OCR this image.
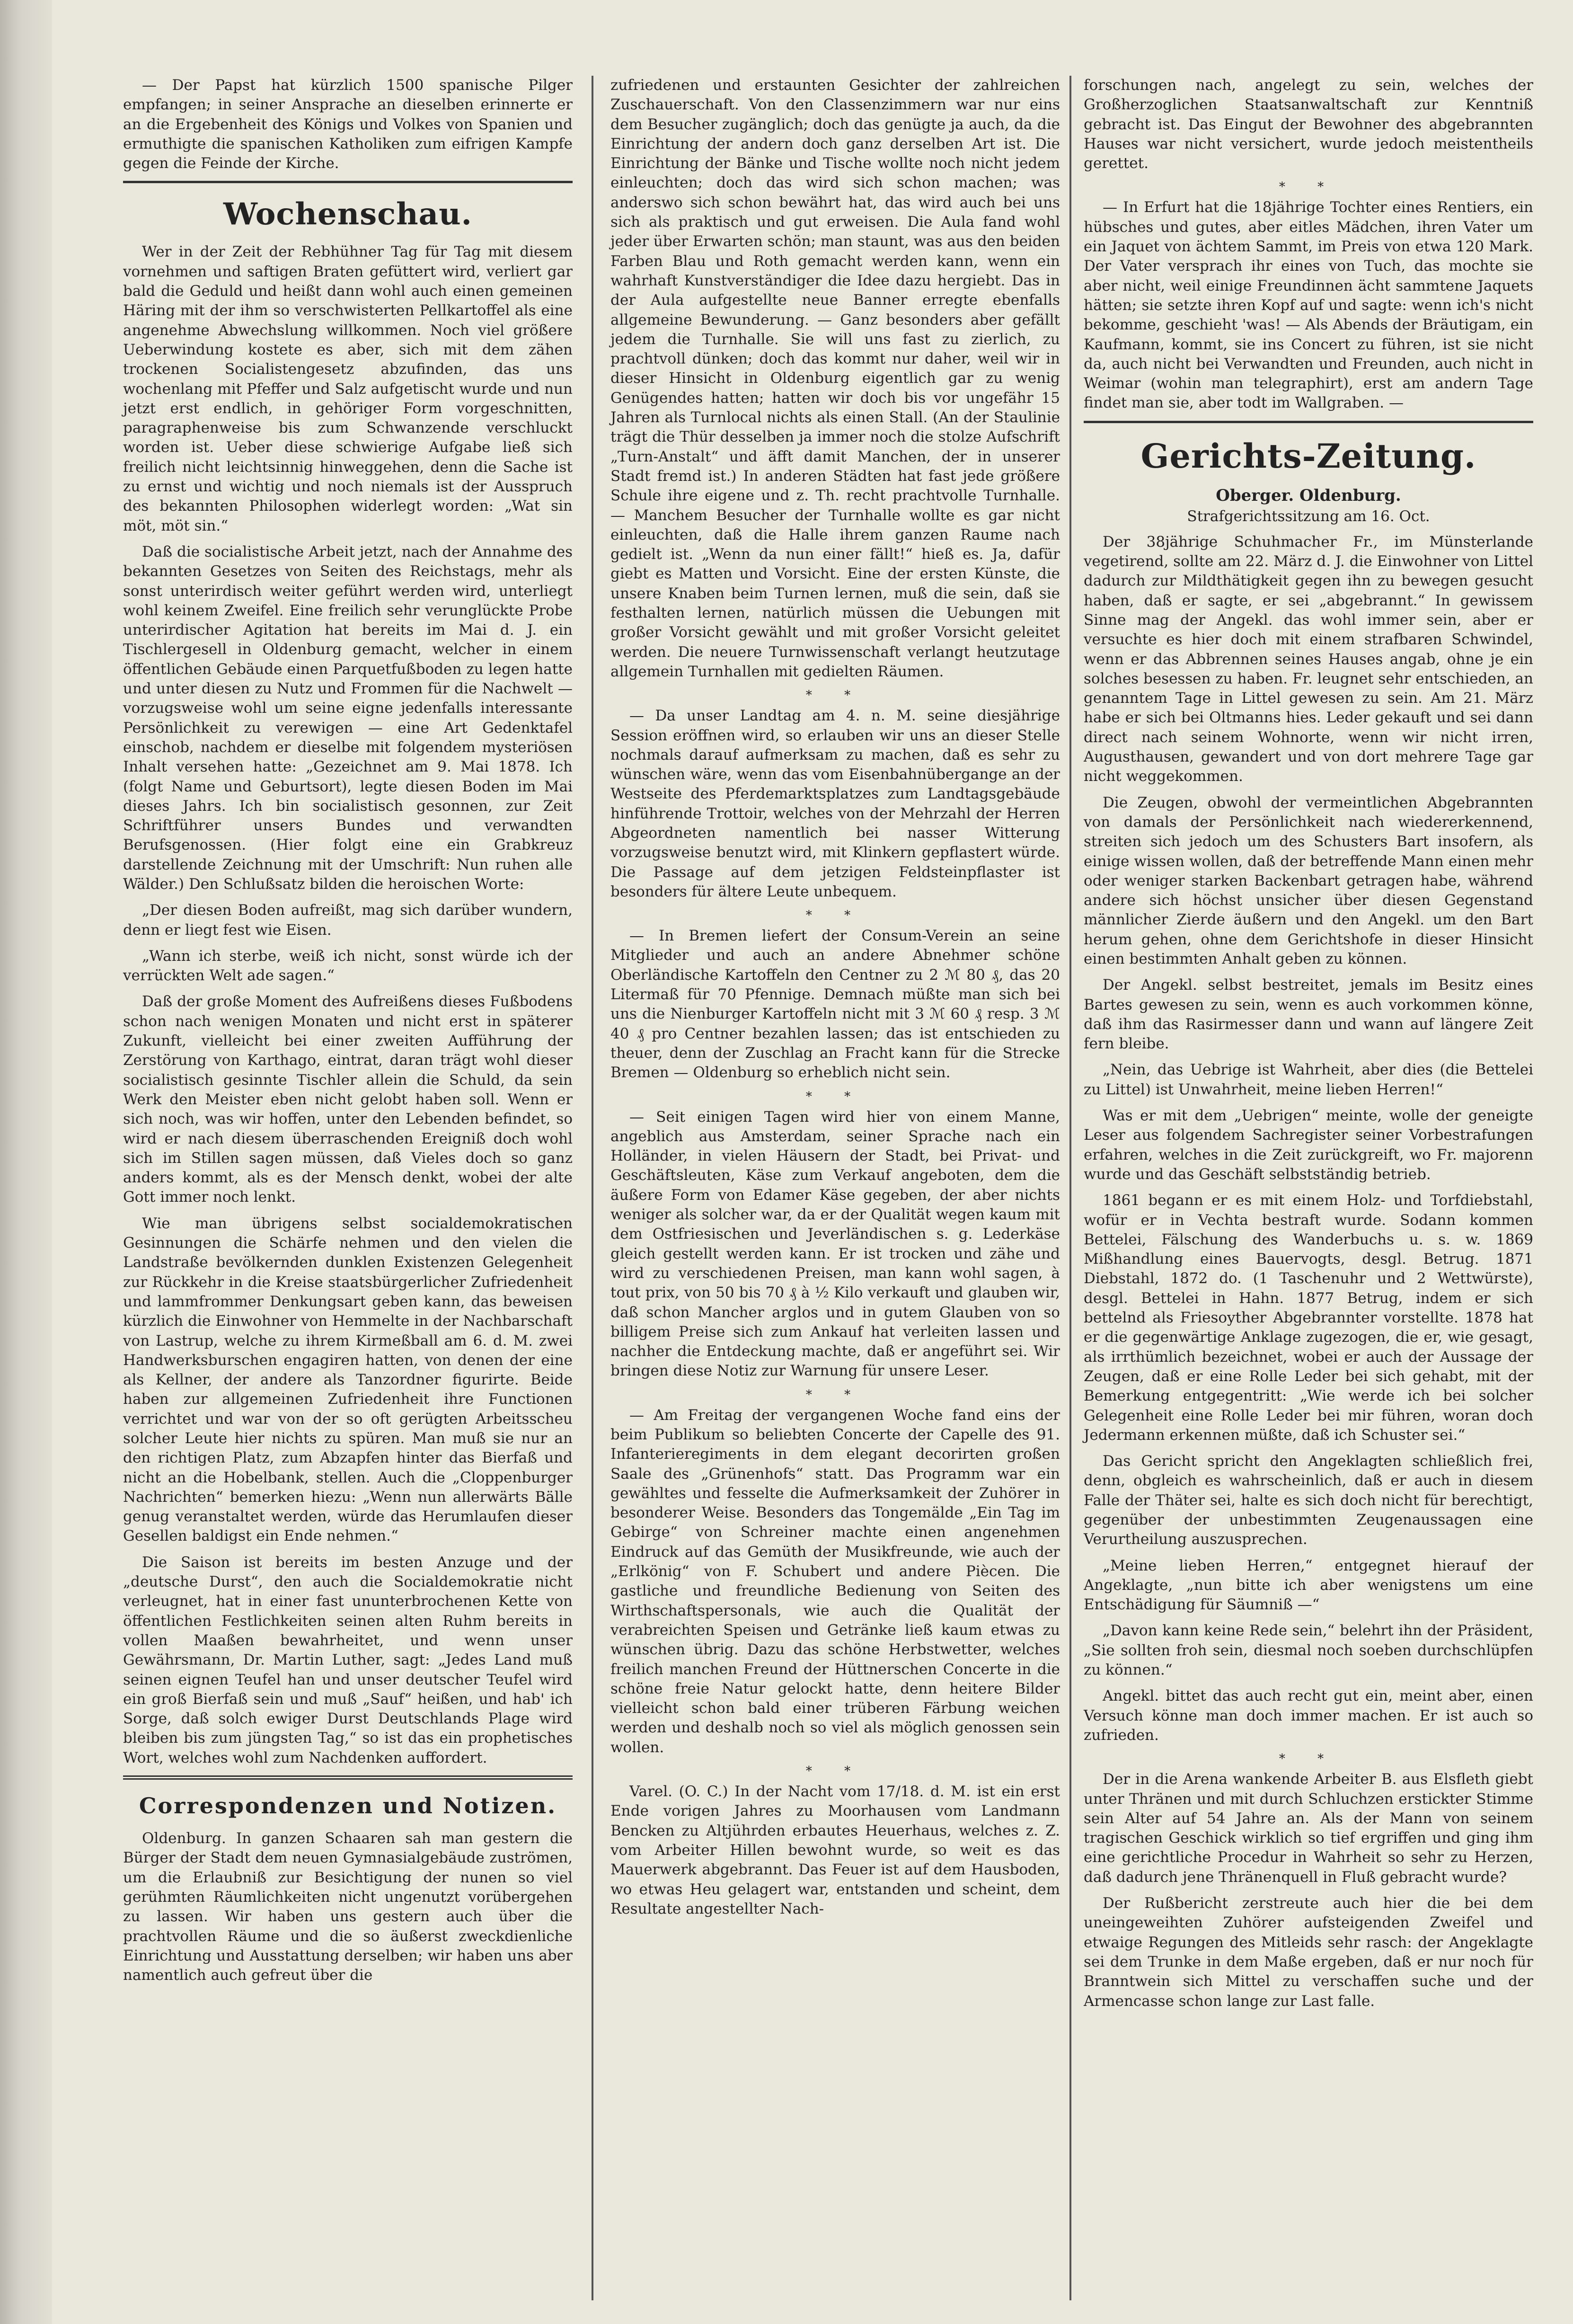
— Der Papst hat kürzlich 1500 spanische Pilger empfangen; in seiner Ansprache an dieselben erinnerte er an die Ergebenheit des Königs und Volkes von Spanien und ermuthigte die spanischen Katholiken zum eifrigen Kampfe gegen die Feinde der Kirche.

Wochenschau.

Wer in der Zeit der Rebhühner Tag für Tag mit diesem vornehmen und saftigen Braten gefüttert wird, verliert gar bald die Geduld und heißt dann wohl auch einen gemeinen Häring mit der ihm so verschwisterten Pellkartoffel als eine angenehme Abwechslung willkommen. Noch viel größere Ueberwindung kostete es aber, sich mit dem zähen trockenen Socialistengesetz abzufinden, das uns wochenlang mit Pfeffer und Salz aufgetischt wurde und nun jetzt erst endlich, in gehöriger Form vorgeschnitten, paragraphenweise bis zum Schwanzende verschluckt worden ist. Ueber diese schwierige Aufgabe ließ sich freilich nicht leichtsinnig hinweggehen, denn die Sache ist zu ernst und wichtig und noch niemals ist der Ausspruch des bekannten Philosophen widerlegt worden: „Wat sin möt, möt sin.“

Daß die socialistische Arbeit jetzt, nach der Annahme des bekannten Gesetzes von Seiten des Reichstags, mehr als sonst unterirdisch weiter geführt werden wird, unterliegt wohl keinem Zweifel. Eine freilich sehr verunglückte Probe unterirdischer Agitation hat bereits im Mai d. J. ein Tischlergesell in Oldenburg gemacht, welcher in einem öffentlichen Gebäude einen Parquetfußboden zu legen hatte und unter diesen zu Nutz und Frommen für die Nachwelt — vorzugsweise wohl um seine eigne jedenfalls interessante Persönlichkeit zu verewigen — eine Art Gedenktafel einschob, nachdem er dieselbe mit folgendem mysteriösen Inhalt versehen hatte: „Gezeichnet am 9. Mai 1878. Ich (folgt Name und Geburtsort), legte diesen Boden im Mai dieses Jahrs. Ich bin socialistisch gesonnen, zur Zeit Schriftführer unsers Bundes und verwandten Berufsgenossen. (Hier folgt eine ein Grabkreuz darstellende Zeichnung mit der Umschrift: Nun ruhen alle Wälder.) Den Schlußsatz bilden die heroischen Worte:

„Der diesen Boden aufreißt, mag sich darüber wundern, denn er liegt fest wie Eisen.

„Wann ich sterbe, weiß ich nicht, sonst würde ich der verrückten Welt ade sagen.“

Daß der große Moment des Aufreißens dieses Fußbodens schon nach wenigen Monaten und nicht erst in späterer Zukunft, vielleicht bei einer zweiten Aufführung der Zerstörung von Karthago, eintrat, daran trägt wohl dieser socialistisch gesinnte Tischler allein die Schuld, da sein Werk den Meister eben nicht gelobt haben soll. Wenn er sich noch, was wir hoffen, unter den Lebenden befindet, so wird er nach diesem überraschenden Ereigniß doch wohl sich im Stillen sagen müssen, daß Vieles doch so ganz anders kommt, als es der Mensch denkt, wobei der alte Gott immer noch lenkt.

Wie man übrigens selbst socialdemokratischen Gesinnungen die Schärfe nehmen und den vielen die Landstraße bevölkernden dunklen Existenzen Gelegenheit zur Rückkehr in die Kreise staatsbürgerlicher Zufriedenheit und lammfrommer Denkungsart geben kann, das beweisen kürzlich die Einwohner von Hemmelte in der Nachbarschaft von Lastrup, welche zu ihrem Kirmeßball am 6. d. M. zwei Handwerksburschen engagiren hatten, von denen der eine als Kellner, der andere als Tanzordner figurirte. Beide haben zur allgemeinen Zufriedenheit ihre Functionen verrichtet und war von der so oft gerügten Arbeitsscheu solcher Leute hier nichts zu spüren. Man muß sie nur an den richtigen Platz, zum Abzapfen hinter das Bierfaß und nicht an die Hobelbank, stellen. Auch die „Cloppenburger Nachrichten“ bemerken hiezu: „Wenn nun allerwärts Bälle genug veranstaltet werden, würde das Herumlaufen dieser Gesellen baldigst ein Ende nehmen.“

Die Saison ist bereits im besten Anzuge und der „deutsche Durst“, den auch die Socialdemokratie nicht verleugnet, hat in einer fast ununterbrochenen Kette von öffentlichen Festlichkeiten seinen alten Ruhm bereits in vollen Maaßen bewahrheitet, und wenn unser Gewährsmann, Dr. Martin Luther, sagt: „Jedes Land muß seinen eignen Teufel han und unser deutscher Teufel wird ein groß Bierfaß sein und muß „Sauf“ heißen, und hab' ich Sorge, daß solch ewiger Durst Deutschlands Plage wird bleiben bis zum jüngsten Tag,“ so ist das ein prophetisches Wort, welches wohl zum Nachdenken auffordert.

Correspondenzen und Notizen.

Oldenburg. In ganzen Schaaren sah man gestern die Bürger der Stadt dem neuen Gymnasialgebäude zuströmen, um die Erlaubniß zur Besichtigung der nunen so viel gerühmten Räumlichkeiten nicht ungenutzt vorübergehen zu lassen. Wir haben uns gestern auch über die prachtvollen Räume und die so äußerst zweckdienliche Einrichtung und Ausstattung derselben; wir haben uns aber namentlich auch gefreut über die

zufriedenen und erstaunten Gesichter der zahlreichen Zuschauerschaft. Von den Classenzimmern war nur eins dem Besucher zugänglich; doch das genügte ja auch, da die Einrichtung der andern doch ganz derselben Art ist. Die Einrichtung der Bänke und Tische wollte noch nicht jedem einleuchten; doch das wird sich schon machen; was anderswo sich schon bewährt hat, das wird auch bei uns sich als praktisch und gut erweisen. Die Aula fand wohl jeder über Erwarten schön; man staunt, was aus den beiden Farben Blau und Roth gemacht werden kann, wenn ein wahrhaft Kunstverständiger die Idee dazu hergiebt. Das in der Aula aufgestellte neue Banner erregte ebenfalls allgemeine Bewunderung. — Ganz besonders aber gefällt jedem die Turnhalle. Sie will uns fast zu zierlich, zu prachtvoll dünken; doch das kommt nur daher, weil wir in dieser Hinsicht in Oldenburg eigentlich gar zu wenig Genügendes hatten; hatten wir doch bis vor ungefähr 15 Jahren als Turnlocal nichts als einen Stall. (An der Staulinie trägt die Thür desselben ja immer noch die stolze Aufschrift „Turn-Anstalt“ und äfft damit Manchen, der in unserer Stadt fremd ist.) In anderen Städten hat fast jede größere Schule ihre eigene und z. Th. recht prachtvolle Turnhalle. — Manchem Besucher der Turnhalle wollte es gar nicht einleuchten, daß die Halle ihrem ganzen Raume nach gedielt ist. „Wenn da nun einer fällt!“ hieß es. Ja, dafür giebt es Matten und Vorsicht. Eine der ersten Künste, die unsere Knaben beim Turnen lernen, muß die sein, daß sie festhalten lernen, natürlich müssen die Uebungen mit großer Vorsicht gewählt und mit großer Vorsicht geleitet werden. Die neuere Turnwissenschaft verlangt heutzutage allgemein Turnhallen mit gedielten Räumen.

* *

— Da unser Landtag am 4. n. M. seine diesjährige Session eröffnen wird, so erlauben wir uns an dieser Stelle nochmals darauf aufmerksam zu machen, daß es sehr zu wünschen wäre, wenn das vom Eisenbahnübergange an der Westseite des Pferdemarktsplatzes zum Landtagsgebäude hinführende Trottoir, welches von der Mehrzahl der Herren Abgeordneten namentlich bei nasser Witterung vorzugsweise benutzt wird, mit Klinkern gepflastert würde. Die Passage auf dem jetzigen Feldsteinpflaster ist besonders für ältere Leute unbequem.

* *

— In Bremen liefert der Consum-Verein an seine Mitglieder und auch an andere Abnehmer schöne Oberländische Kartoffeln den Centner zu 2 ℳ 80 ₰, das 20 Litermaß für 70 Pfennige. Demnach müßte man sich bei uns die Nienburger Kartoffeln nicht mit 3 ℳ 60 ₰ resp. 3 ℳ 40 ₰ pro Centner bezahlen lassen; das ist entschieden zu theuer, denn der Zuschlag an Fracht kann für die Strecke Bremen — Oldenburg so erheblich nicht sein.

* *

— Seit einigen Tagen wird hier von einem Manne, angeblich aus Amsterdam, seiner Sprache nach ein Holländer, in vielen Häusern der Stadt, bei Privat- und Geschäftsleuten, Käse zum Verkauf angeboten, dem die äußere Form von Edamer Käse gegeben, der aber nichts weniger als solcher war, da er der Qualität wegen kaum mit dem Ostfriesischen und Jeverländischen s. g. Lederkäse gleich gestellt werden kann. Er ist trocken und zähe und wird zu verschiedenen Preisen, man kann wohl sagen, à tout prix, von 50 bis 70 ₰ à ½ Kilo verkauft und glauben wir, daß schon Mancher arglos und in gutem Glauben von so billigem Preise sich zum Ankauf hat verleiten lassen und nachher die Entdeckung machte, daß er angeführt sei. Wir bringen diese Notiz zur Warnung für unsere Leser.

* *

— Am Freitag der vergangenen Woche fand eins der beim Publikum so beliebten Concerte der Capelle des 91. Infanterieregiments in dem elegant decorirten großen Saale des „Grünenhofs“ statt. Das Programm war ein gewähltes und fesselte die Aufmerksamkeit der Zuhörer in besonderer Weise. Besonders das Tongemälde „Ein Tag im Gebirge“ von Schreiner machte einen angenehmen Eindruck auf das Gemüth der Musikfreunde, wie auch der „Erlkönig“ von F. Schubert und andere Piècen. Die gastliche und freundliche Bedienung von Seiten des Wirthschaftspersonals, wie auch die Qualität der verabreichten Speisen und Getränke ließ kaum etwas zu wünschen übrig. Dazu das schöne Herbstwetter, welches freilich manchen Freund der Hüttnerschen Concerte in die schöne freie Natur gelockt hatte, denn heitere Bilder vielleicht schon bald einer trüberen Färbung weichen werden und deshalb noch so viel als möglich genossen sein wollen.

* *

Varel. (O. C.) In der Nacht vom 17/18. d. M. ist ein erst Ende vorigen Jahres zu Moorhausen vom Landmann Bencken zu Altjührden erbautes Heuerhaus, welches z. Z. vom Arbeiter Hillen bewohnt wurde, so weit es das Mauerwerk abgebrannt. Das Feuer ist auf dem Hausboden, wo etwas Heu gelagert war, entstanden und scheint, dem Resultate angestellter Nach-

forschungen nach, angelegt zu sein, welches der Großherzoglichen Staatsanwaltschaft zur Kenntniß gebracht ist. Das Eingut der Bewohner des abgebrannten Hauses war nicht versichert, wurde jedoch meistentheils gerettet.

* *

— In Erfurt hat die 18jährige Tochter eines Rentiers, ein hübsches und gutes, aber eitles Mädchen, ihren Vater um ein Jaquet von ächtem Sammt, im Preis von etwa 120 Mark. Der Vater versprach ihr eines von Tuch, das mochte sie aber nicht, weil einige Freundinnen ächt sammtene Jaquets hätten; sie setzte ihren Kopf auf und sagte: wenn ich's nicht bekomme, geschieht 'was! — Als Abends der Bräutigam, ein Kaufmann, kommt, sie ins Concert zu führen, ist sie nicht da, auch nicht bei Verwandten und Freunden, auch nicht in Weimar (wohin man telegraphirt), erst am andern Tage findet man sie, aber todt im Wallgraben. —

Gerichts-Zeitung.
Oberger. Oldenburg.
Strafgerichtssitzung am 16. Oct.

Der 38jährige Schuhmacher Fr., im Münsterlande vegetirend, sollte am 22. März d. J. die Einwohner von Littel dadurch zur Mildthätigkeit gegen ihn zu bewegen gesucht haben, daß er sagte, er sei „abgebrannt.“ In gewissem Sinne mag der Angekl. das wohl immer sein, aber er versuchte es hier doch mit einem strafbaren Schwindel, wenn er das Abbrennen seines Hauses angab, ohne je ein solches besessen zu haben. Fr. leugnet sehr entschieden, an genanntem Tage in Littel gewesen zu sein. Am 21. März habe er sich bei Oltmanns hies. Leder gekauft und sei dann direct nach seinem Wohnorte, wenn wir nicht irren, Augusthausen, gewandert und von dort mehrere Tage gar nicht weggekommen.

Die Zeugen, obwohl der vermeintlichen Abgebrannten von damals der Persönlichkeit nach wiedererkennend, streiten sich jedoch um des Schusters Bart insofern, als einige wissen wollen, daß der betreffende Mann einen mehr oder weniger starken Backenbart getragen habe, während andere sich höchst unsicher über diesen Gegenstand männlicher Zierde äußern und den Angekl. um den Bart herum gehen, ohne dem Gerichtshofe in dieser Hinsicht einen bestimmten Anhalt geben zu können.

Der Angekl. selbst bestreitet, jemals im Besitz eines Bartes gewesen zu sein, wenn es auch vorkommen könne, daß ihm das Rasirmesser dann und wann auf längere Zeit fern bleibe.

„Nein, das Uebrige ist Wahrheit, aber dies (die Bettelei zu Littel) ist Unwahrheit, meine lieben Herren!“

Was er mit dem „Uebrigen“ meinte, wolle der geneigte Leser aus folgendem Sachregister seiner Vorbestrafungen erfahren, welches in die Zeit zurückgreift, wo Fr. majorenn wurde und das Geschäft selbstständig betrieb.

1861 begann er es mit einem Holz- und Torfdiebstahl, wofür er in Vechta bestraft wurde. Sodann kommen Bettelei, Fälschung des Wanderbuchs u. s. w. 1869 Mißhandlung eines Bauervogts, desgl. Betrug. 1871 Diebstahl, 1872 do. (1 Taschenuhr und 2 Wettwürste), desgl. Bettelei in Hahn. 1877 Betrug, indem er sich bettelnd als Friesoyther Abgebrannter vorstellte. 1878 hat er die gegenwärtige Anklage zugezogen, die er, wie gesagt, als irrthümlich bezeichnet, wobei er auch der Aussage der Zeugen, daß er eine Rolle Leder bei sich gehabt, mit der Bemerkung entgegentritt: „Wie werde ich bei solcher Gelegenheit eine Rolle Leder bei mir führen, woran doch Jedermann erkennen müßte, daß ich Schuster sei.“

Das Gericht spricht den Angeklagten schließlich frei, denn, obgleich es wahrscheinlich, daß er auch in diesem Falle der Thäter sei, halte es sich doch nicht für berechtigt, gegenüber der unbestimmten Zeugenaussagen eine Verurtheilung auszusprechen.

„Meine lieben Herren,“ entgegnet hierauf der Angeklagte, „nun bitte ich aber wenigstens um eine Entschädigung für Säumniß —“

„Davon kann keine Rede sein,“ belehrt ihn der Präsident, „Sie sollten froh sein, diesmal noch soeben durchschlüpfen zu können.“

Angekl. bittet das auch recht gut ein, meint aber, einen Versuch könne man doch immer machen. Er ist auch so zufrieden.

* *

Der in die Arena wankende Arbeiter B. aus Elsfleth giebt unter Thränen und mit durch Schluchzen erstickter Stimme sein Alter auf 54 Jahre an. Als der Mann von seinem tragischen Geschick wirklich so tief ergriffen und ging ihm eine gerichtliche Procedur in Wahrheit so sehr zu Herzen, daß dadurch jene Thränenquell in Fluß gebracht wurde?

Der Rußbericht zerstreute auch hier die bei dem uneingeweihten Zuhörer aufsteigenden Zweifel und etwaige Regungen des Mitleids sehr rasch: der Angeklagte sei dem Trunke in dem Maße ergeben, daß er nur noch für Branntwein sich Mittel zu verschaffen suche und der Armencasse schon lange zur Last falle.
